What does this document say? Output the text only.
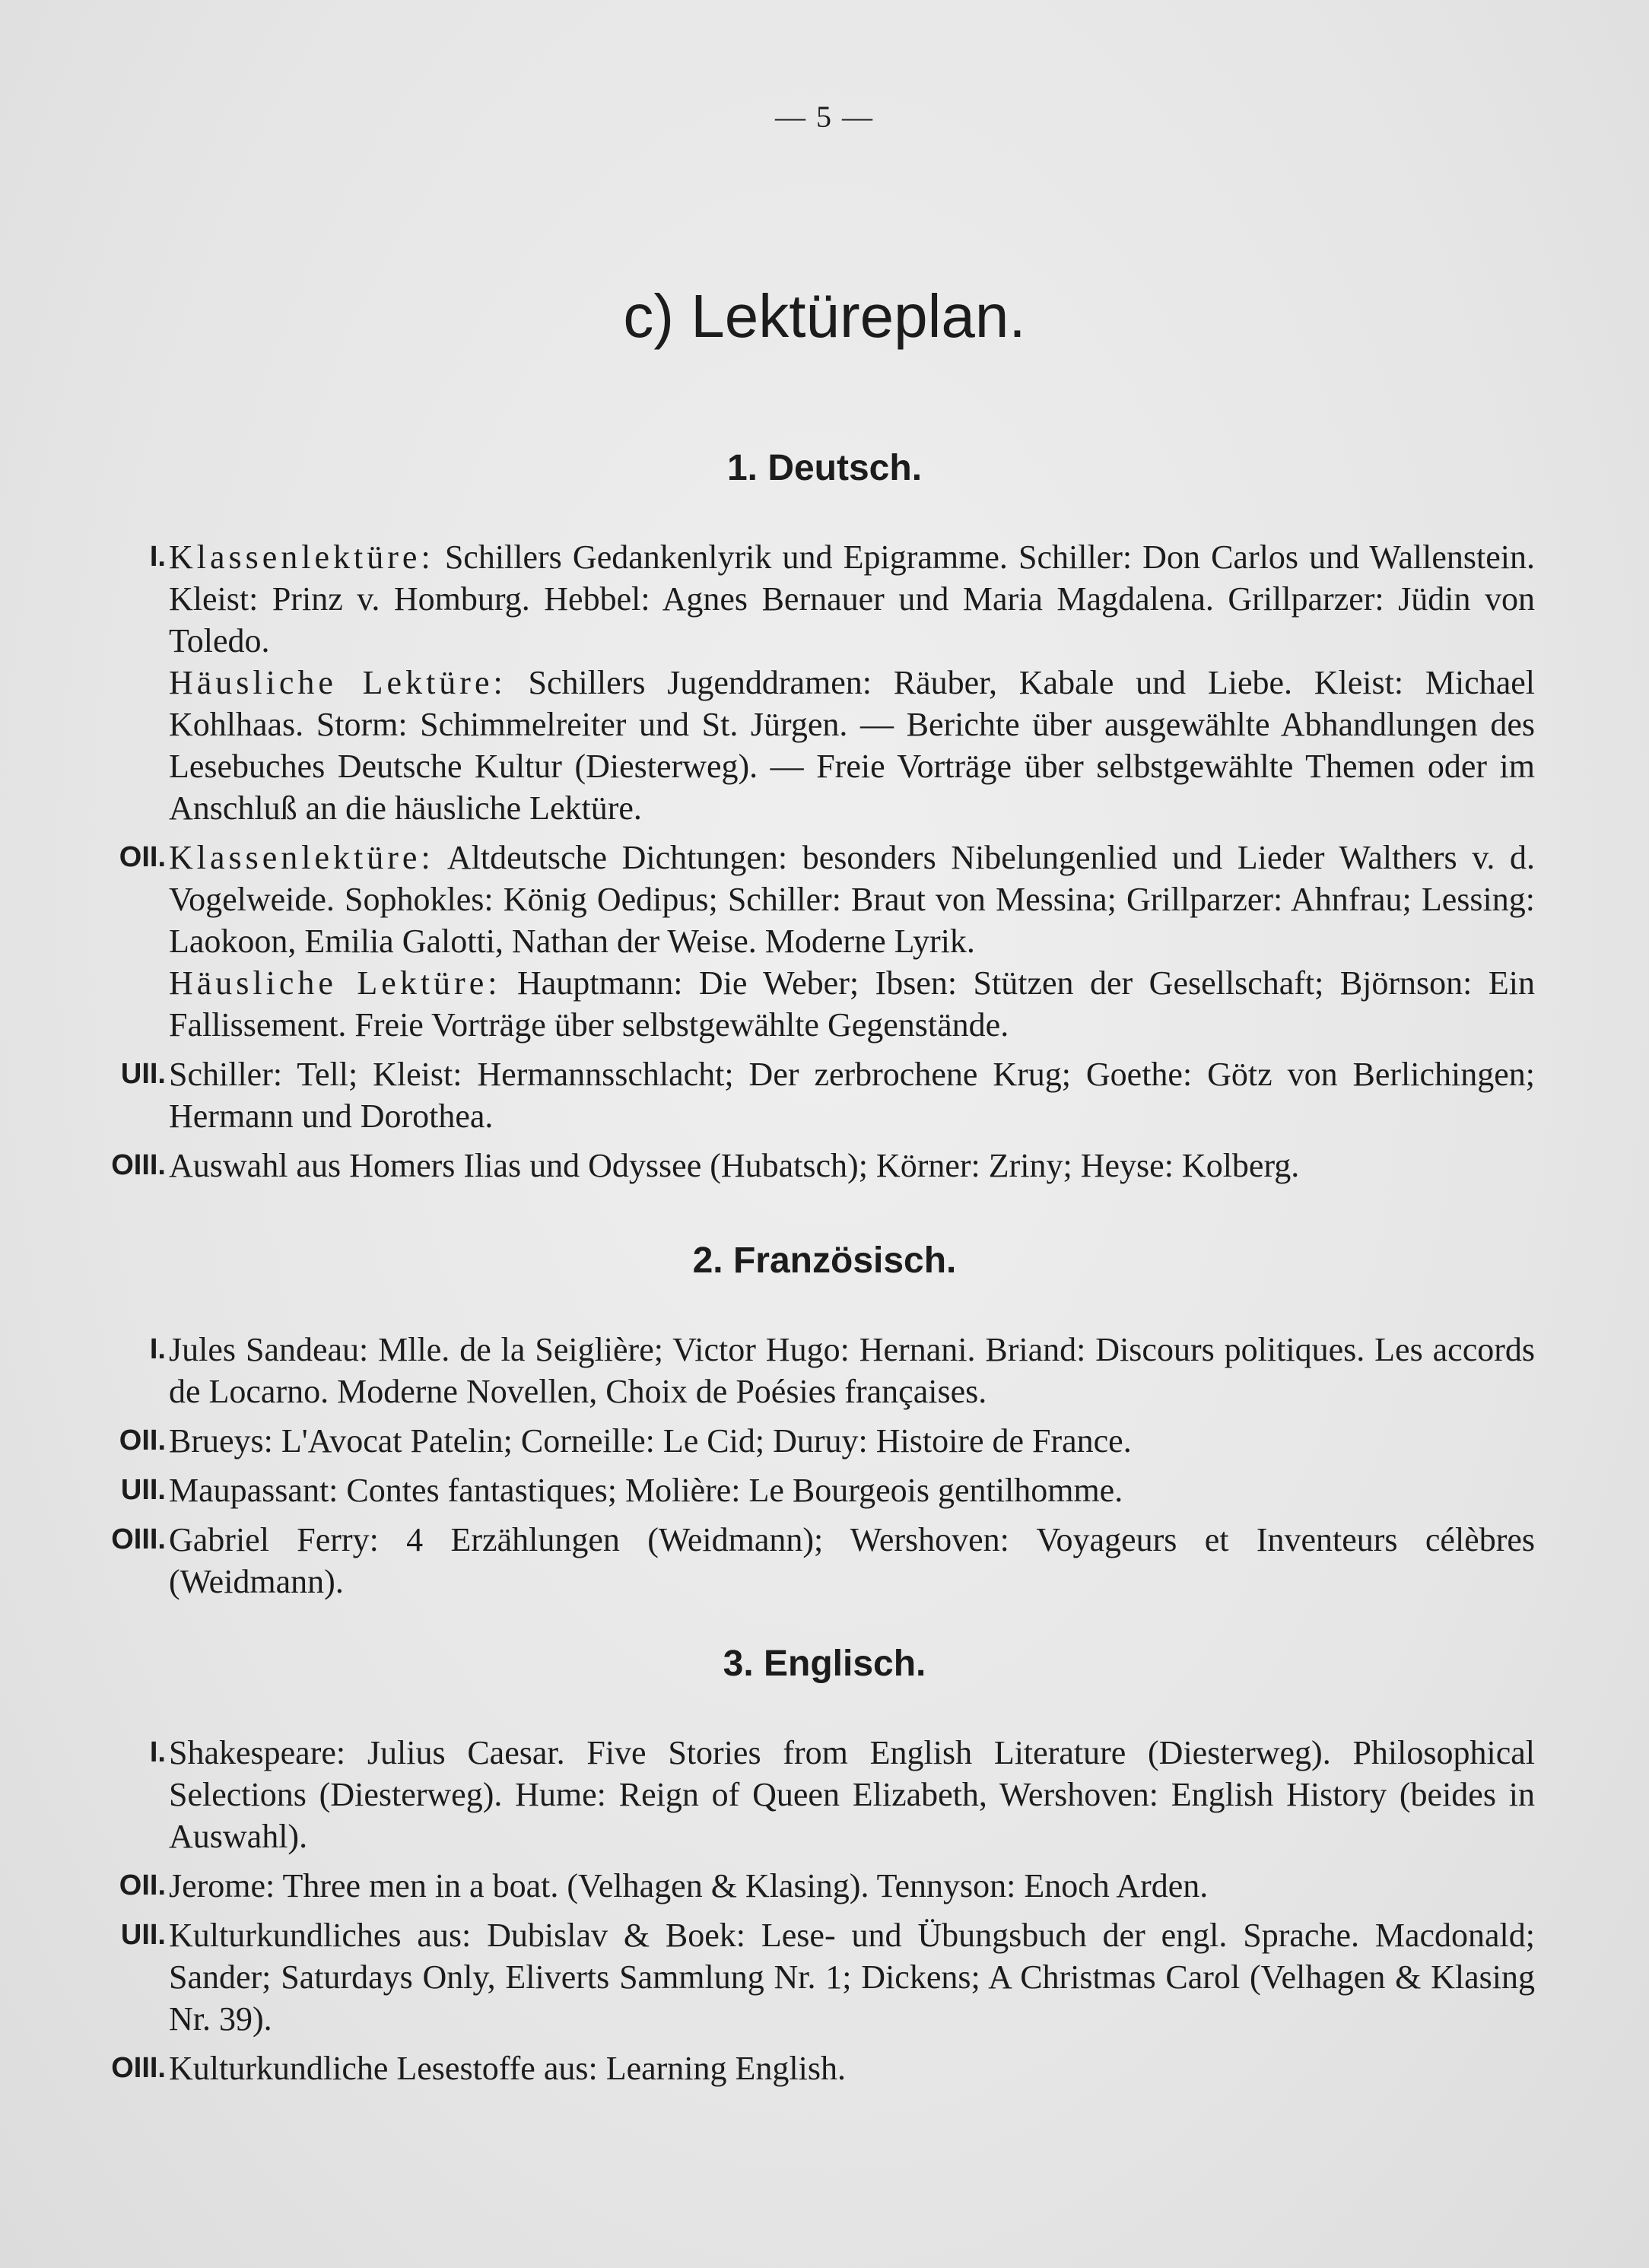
— 5 —
c) Lektüreplan.
1. Deutsch.
I. Klassenlektüre: Schillers Gedankenlyrik und Epigramme. Schiller: Don Carlos und Wallenstein. Kleist: Prinz v. Homburg. Hebbel: Agnes Bernauer und Maria Magdalena. Grillparzer: Jüdin von Toledo.
Häusliche Lektüre: Schillers Jugenddramen: Räuber, Kabale und Liebe. Kleist: Michael Kohlhaas. Storm: Schimmelreiter und St. Jürgen. — Berichte über ausgewählte Abhandlungen des Lesebuches Deutsche Kultur (Diesterweg). — Freie Vorträge über selbstgewählte Themen oder im Anschluß an die häusliche Lektüre.
OII. Klassenlektüre: Altdeutsche Dichtungen: besonders Nibelungenlied und Lieder Walthers v. d. Vogelweide. Sophokles: König Oedipus; Schiller: Braut von Messina; Grillparzer: Ahnfrau; Lessing: Laokoon, Emilia Galotti, Nathan der Weise. Moderne Lyrik.
Häusliche Lektüre: Hauptmann: Die Weber; Ibsen: Stützen der Gesellschaft; Björnson: Ein Fallissement. Freie Vorträge über selbstgewählte Gegenstände.
UII. Schiller: Tell; Kleist: Hermannsschlacht; Der zerbrochene Krug; Goethe: Götz von Berlichingen; Hermann und Dorothea.
OIII. Auswahl aus Homers Ilias und Odyssee (Hubatsch); Körner: Zriny; Heyse: Kolberg.
2. Französisch.
I. Jules Sandeau: Mlle. de la Seiglière; Victor Hugo: Hernani. Briand: Discours politiques. Les accords de Locarno. Moderne Novellen, Choix de Poésies françaises.
OII. Brueys: L'Avocat Patelin; Corneille: Le Cid; Duruy: Histoire de France.
UII. Maupassant: Contes fantastiques; Molière: Le Bourgeois gentilhomme.
OIII. Gabriel Ferry: 4 Erzählungen (Weidmann); Wershoven: Voyageurs et Inventeurs célèbres (Weidmann).
3. Englisch.
I. Shakespeare: Julius Caesar. Five Stories from English Literature (Diesterweg). Philosophical Selections (Diesterweg). Hume: Reign of Queen Elizabeth, Wershoven: English History (beides in Auswahl).
OII. Jerome: Three men in a boat. (Velhagen & Klasing). Tennyson: Enoch Arden.
UII. Kulturkundliches aus: Dubislav & Boek: Lese- und Übungsbuch der engl. Sprache. Macdonald; Sander; Saturdays Only, Eliverts Sammlung Nr. 1; Dickens; A Christmas Carol (Velhagen & Klasing Nr. 39).
OIII. Kulturkundliche Lesestoffe aus: Learning English.
